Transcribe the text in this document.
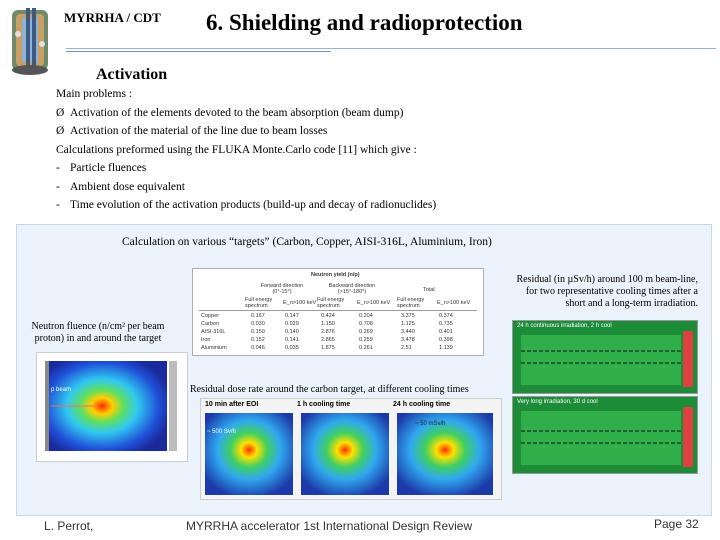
MYRRHA / CDT 6. Shielding and radioprotection
Activation
Main problems :
Ø Activation of the elements devoted to the beam absorption (beam dump)
Ø Activation of the material of the line due to beam losses
Calculations preformed using the FLUKA Monte.Carlo code [11] which give :
- Particle fluences
- Ambient dose equivalent
- Time evolution of the activation products (build-up and decay of radionuclides)
Calculation on various “targets” (Carbon, Copper, AISI-316L, Aluminium, Iron)
Neutron yield (n/p)
Forward direction (0°-15°)
Backward direction (>15°-180°)	Total
Full energy spectrum	E_n>100 keV Full energy spectrum	E_n>100 keV Full energy spectrum	E_n>100 keV
Copper	0.167	0.147	0.424	0.204	3.375	0.374
Carbon	0.030	0.029	1.150	0.708	1.125	0.735
AISI-316L	0.150	0.140	2.876	0.269	3.440	0.401
Iron	0.152	0.141	2.865	0.259	3.478	0.398
Aluminium	0.046	0.035	1.875	0.261	2.51	1.139
Residual (in µSv/h) around 100 m beam-line, for two representative cooling times after a short and a long-term irradiation.
Neutron fluence (n/cm² per beam proton) in and around the target
Residual dose rate around the carbon target, at different cooling times
p beam
10 min after EOI	1 h cooling time	24 h cooling time
~ 500 Sv/h
~ 50 mSv/h
24 h continuous irradiation, 2 h cool
Very long irradiation, 30 d cool
L. Perrot,	MYRRHA accelerator 1st International Design Review	Page 32
